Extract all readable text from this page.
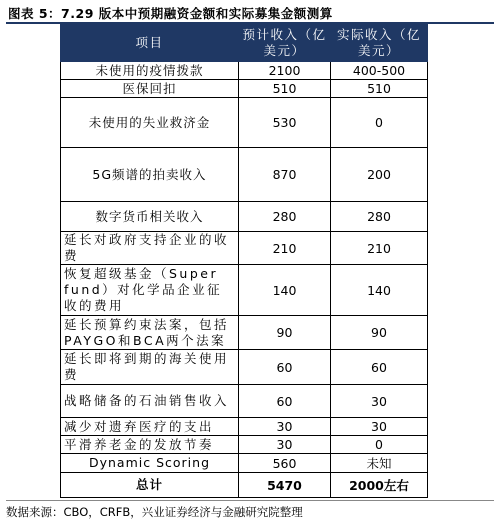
图表 5：7.29 版本中预期融资金额和实际募集金额测算
项目	预计收入（亿美元）	实际收入（亿美元）
未使用的疫情拨款	2100	400-500
医保回扣	510	510
未使用的失业救济金	530	0
5G频谱的拍卖收入	870	200
数字货币相关收入	280	280
延长对政府支持企业的收费	210	210
恢复超级基金（Super fund）对化学品企业征收的费用	140	140
延长预算约束法案，包括PAYGO和BCA两个法案	90	90
延长即将到期的海关使用费	60	60
战略储备的石油销售收入	60	30
减少对遗弃医疗的支出	30	30
平滑养老金的发放节奏	30	0
Dynamic Scoring	560	未知
总计	5470	2000左右
数据来源：CBO，CRFB，兴业证券经济与金融研究院整理
